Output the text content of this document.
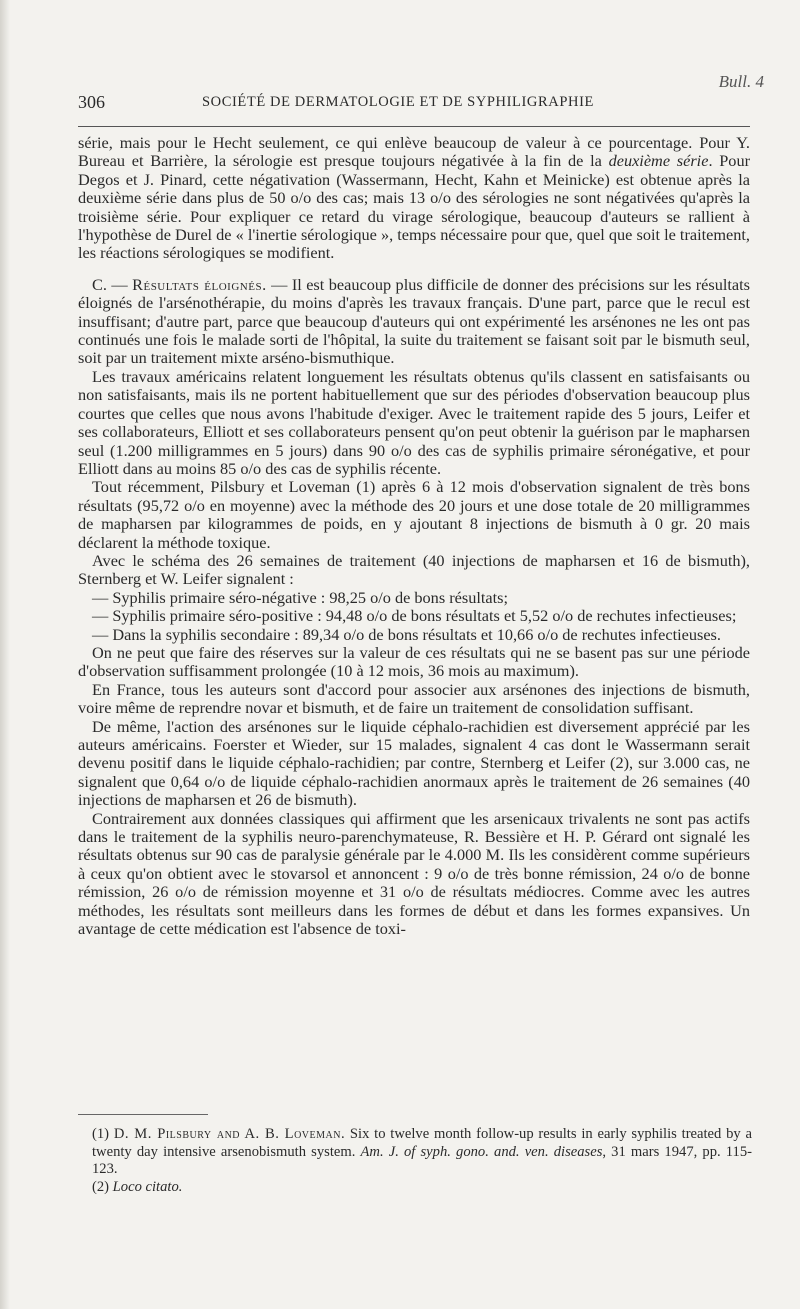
Bull. 4
306	SOCIÉTÉ DE DERMATOLOGIE ET DE SYPHILIGRAPHIE

série, mais pour le Hecht seulement, ce qui enlève beaucoup de valeur à ce pourcentage. Pour Y. Bureau et Barrière, la sérologie est presque toujours négativée à la fin de la deuxième série. Pour Degos et J. Pinard, cette négativation (Wassermann, Hecht, Kahn et Meinicke) est obtenue après la deuxième série dans plus de 50 o/o des cas; mais 13 o/o des sérologies ne sont négativées qu'après la troisième série. Pour expliquer ce retard du virage sérologique, beaucoup d'auteurs se rallient à l'hypothèse de Durel de « l'inertie sérologique », temps nécessaire pour que, quel que soit le traitement, les réactions sérologiques se modifient.

C. — Résultats éloignés. — Il est beaucoup plus difficile de donner des précisions sur les résultats éloignés de l'arsénothérapie, du moins d'après les travaux français. D'une part, parce que le recul est insuffisant; d'autre part, parce que beaucoup d'auteurs qui ont expérimenté les arsénones ne les ont pas continués une fois le malade sorti de l'hôpital, la suite du traitement se faisant soit par le bismuth seul, soit par un traitement mixte arséno-bismuthique.

Les travaux américains relatent longuement les résultats obtenus qu'ils classent en satisfaisants ou non satisfaisants, mais ils ne portent habituellement que sur des périodes d'observation beaucoup plus courtes que celles que nous avons l'habitude d'exiger. Avec le traitement rapide des 5 jours, Leifer et ses collaborateurs, Elliott et ses collaborateurs pensent qu'on peut obtenir la guérison par le mapharsen seul (1.200 milligrammes en 5 jours) dans 90 o/o des cas de syphilis primaire séronégative, et pour Elliott dans au moins 85 o/o des cas de syphilis récente.

Tout récemment, Pilsbury et Loveman (1) après 6 à 12 mois d'observation signalent de très bons résultats (95,72 o/o en moyenne) avec la méthode des 20 jours et une dose totale de 20 milligrammes de mapharsen par kilogrammes de poids, en y ajoutant 8 injections de bismuth à 0 gr. 20 mais déclarent la méthode toxique.

Avec le schéma des 26 semaines de traitement (40 injections de mapharsen et 16 de bismuth), Sternberg et W. Leifer signalent :

— Syphilis primaire séro-négative : 98,25 o/o de bons résultats;

— Syphilis primaire séro-positive : 94,48 o/o de bons résultats et 5,52 o/o de rechutes infectieuses;

— Dans la syphilis secondaire : 89,34 o/o de bons résultats et 10,66 o/o de rechutes infectieuses.

On ne peut que faire des réserves sur la valeur de ces résultats qui ne se basent pas sur une période d'observation suffisamment prolongée (10 à 12 mois, 36 mois au maximum).

En France, tous les auteurs sont d'accord pour associer aux arsénones des injections de bismuth, voire même de reprendre novar et bismuth, et de faire un traitement de consolidation suffisant.

De même, l'action des arsénones sur le liquide céphalo-rachidien est diversement apprécié par les auteurs américains. Foerster et Wieder, sur 15 malades, signalent 4 cas dont le Wassermann serait devenu positif dans le liquide céphalo-rachidien; par contre, Sternberg et Leifer (2), sur 3.000 cas, ne signalent que 0,64 o/o de liquide céphalo-rachidien anormaux après le traitement de 26 semaines (40 injections de mapharsen et 26 de bismuth).

Contrairement aux données classiques qui affirment que les arsenicaux trivalents ne sont pas actifs dans le traitement de la syphilis neuro-parenchymateuse, R. Bessière et H. P. Gérard ont signalé les résultats obtenus sur 90 cas de paralysie générale par le 4.000 M. Ils les considèrent comme supérieurs à ceux qu'on obtient avec le stovarsol et annoncent : 9 o/o de très bonne rémission, 24 o/o de bonne rémission, 26 o/o de rémission moyenne et 31 o/o de résultats médiocres. Comme avec les autres méthodes, les résultats sont meilleurs dans les formes de début et dans les formes expansives. Un avantage de cette médication est l'absence de toxi-

(1) D. M. Pilsbury and A. B. Loveman. Six to twelve month follow-up results in early syphilis treated by a twenty day intensive arsenobismuth system. Am. J. of syph. gono. and. ven. diseases, 31 mars 1947, pp. 115-123.

(2) Loco citato.
